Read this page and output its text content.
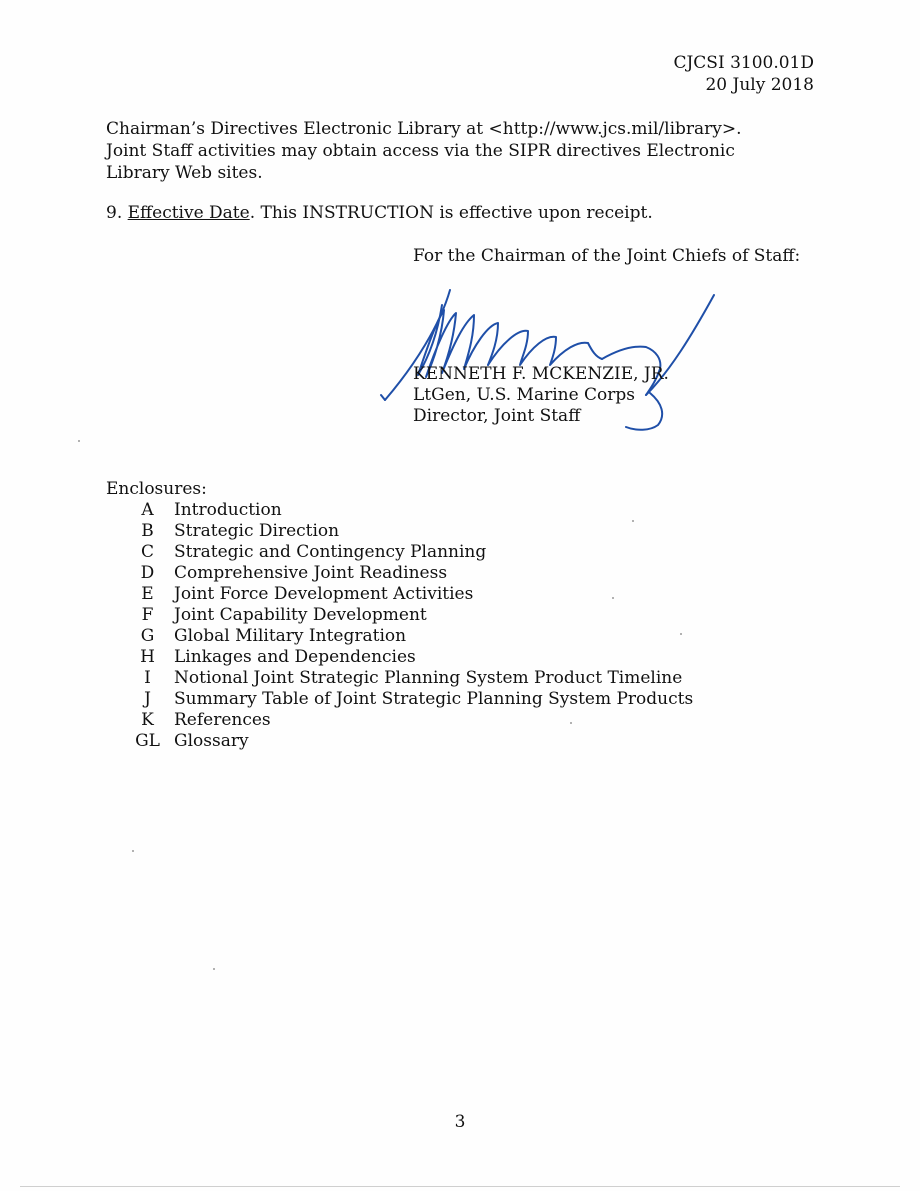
CJCSI 3100.01D
20 July 2018

Chairman’s Directives Electronic Library at <http://www.jcs.mil/library>.
Joint Staff activities may obtain access via the SIPR directives Electronic
Library Web sites.

9. Effective Date. This INSTRUCTION is effective upon receipt.
For the Chairman of the Joint Chiefs of Staff:
KENNETH F. MCKENZIE, JR.
LtGen, U.S. Marine Corps
Director, Joint Staff
Enclosures:
A	Introduction
B	Strategic Direction
C	Strategic and Contingency Planning
D	Comprehensive Joint Readiness
E	Joint Force Development Activities
F	Joint Capability Development
G	Global Military Integration
H	Linkages and Dependencies
I	Notional Joint Strategic Planning System Product Timeline
J	Summary Table of Joint Strategic Planning System Products
K	References
GL Glossary
3
